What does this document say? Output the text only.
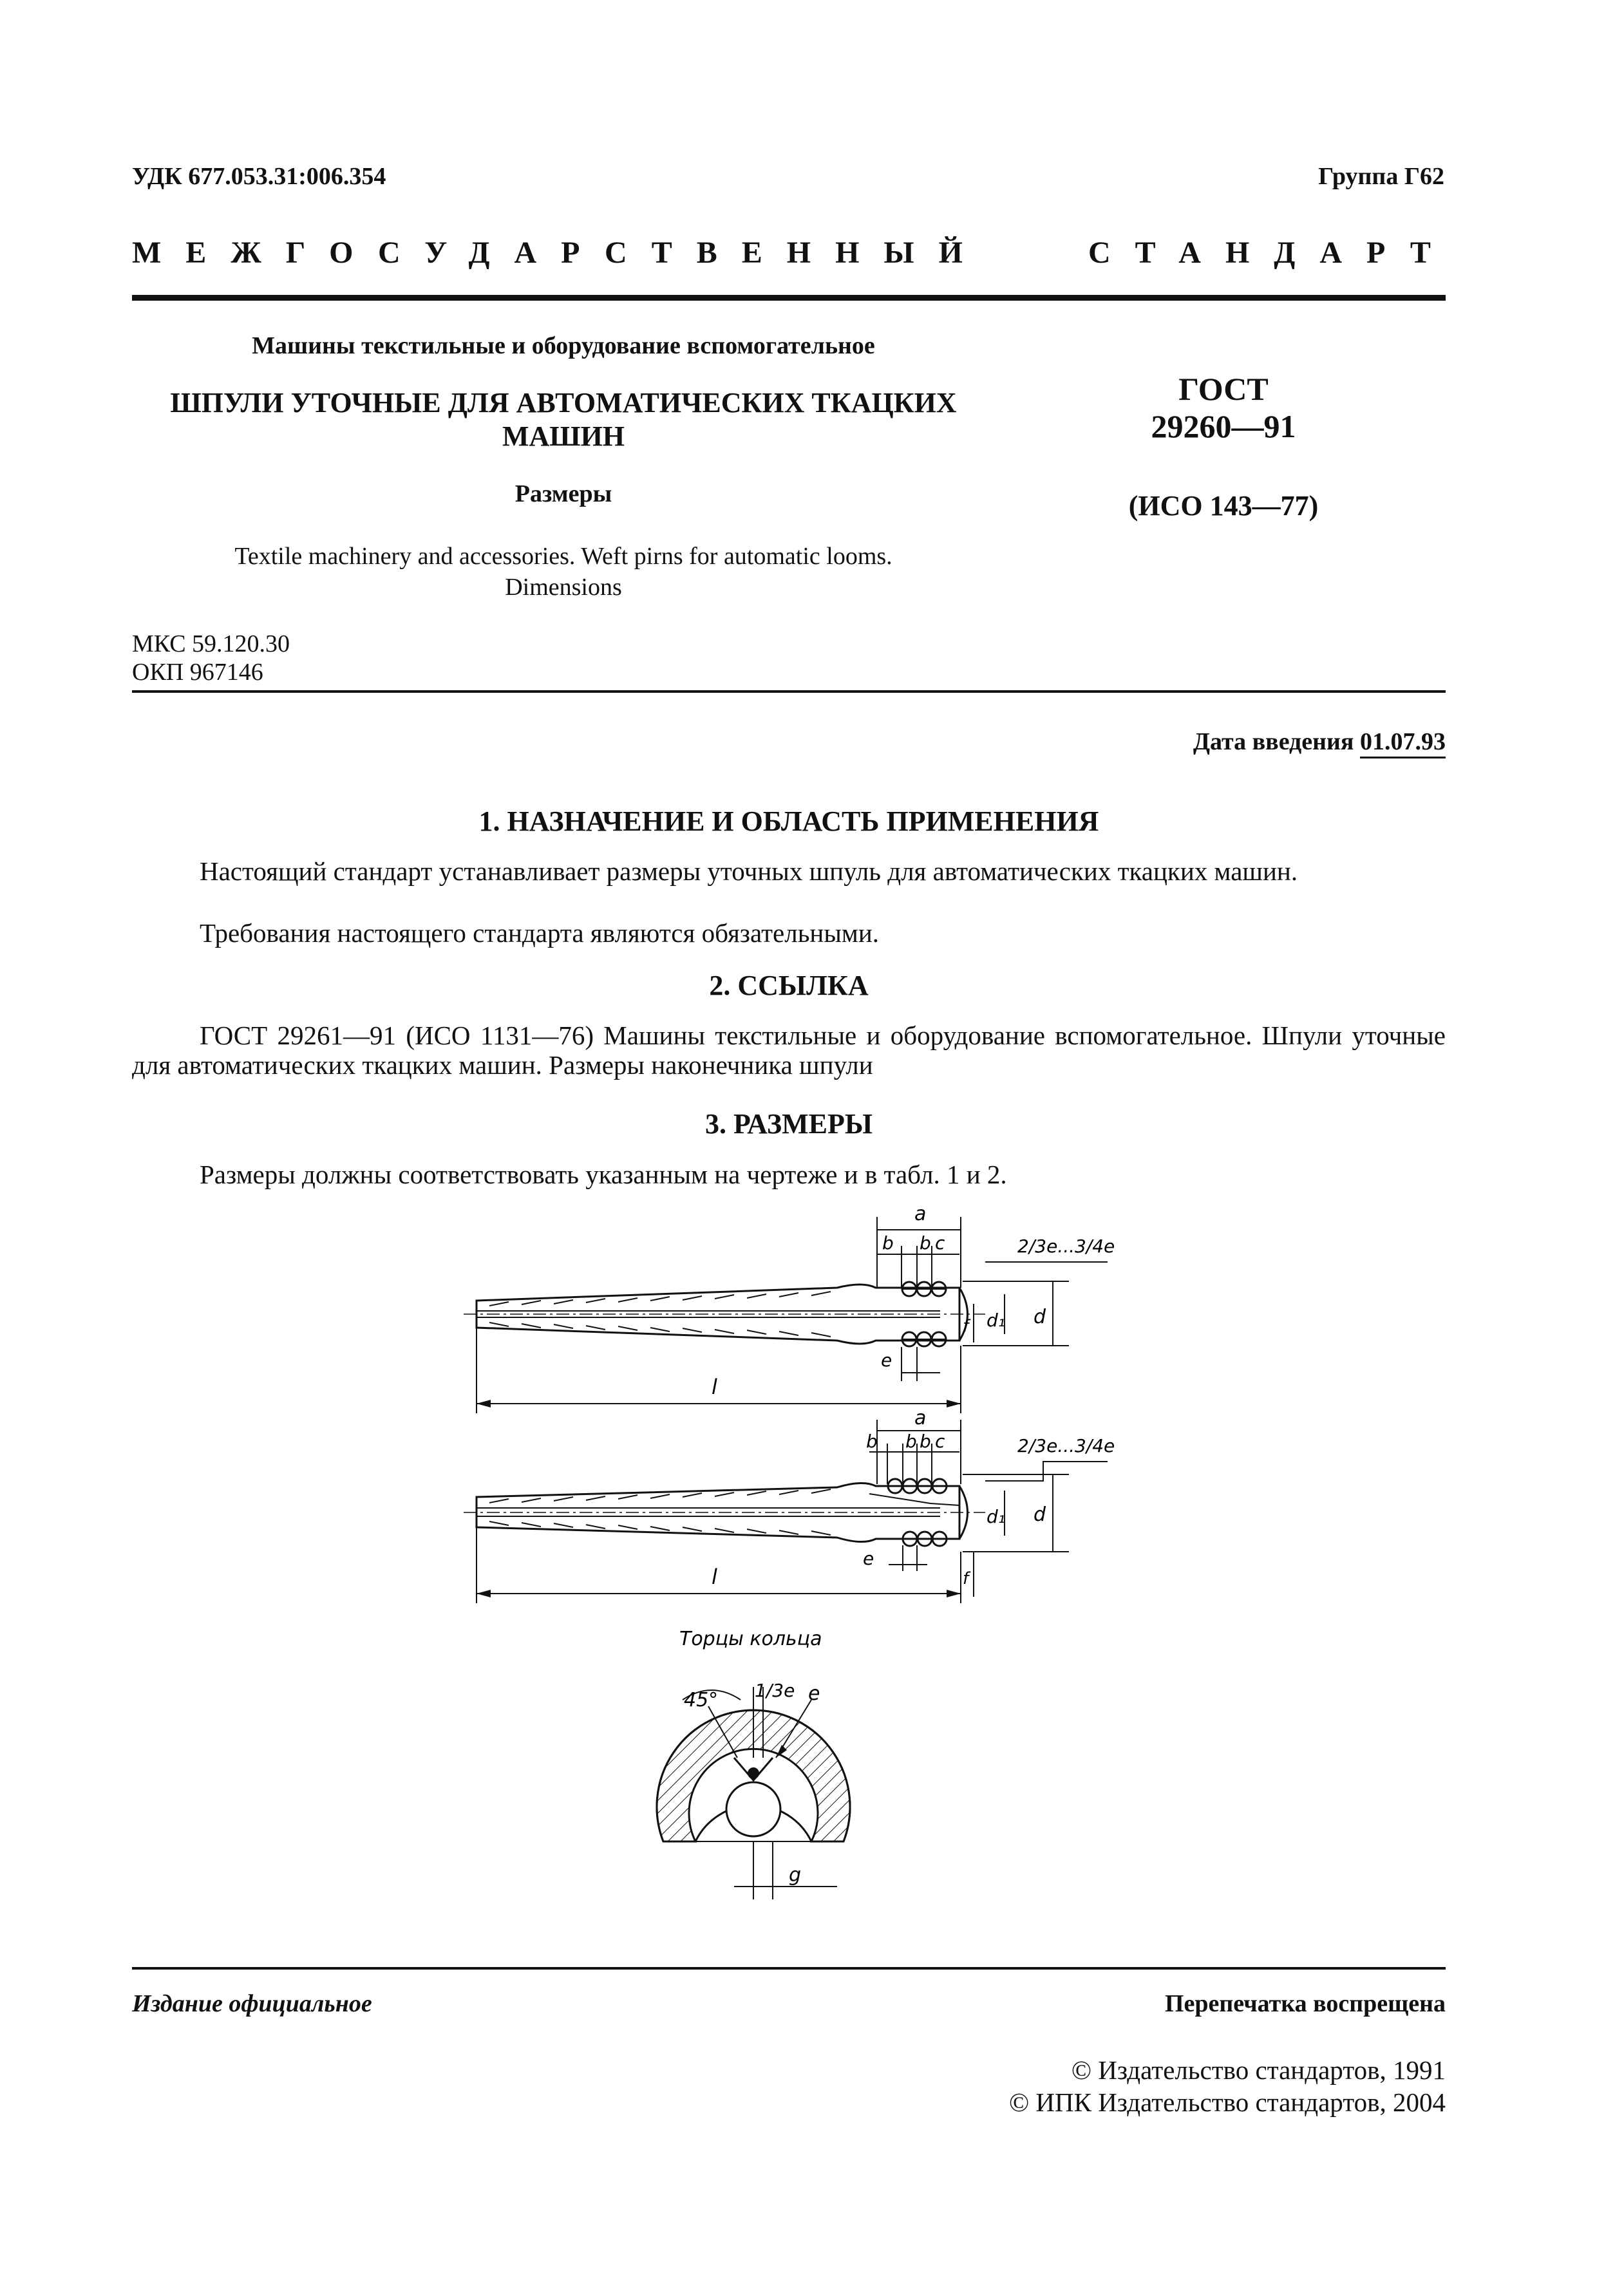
УДК 677.053.31:006.354	Группа Г62
МЕЖГОСУДАРСТВЕННЫЙ	СТАНДАРТ
Машины текстильные и оборудование вспомогательное
ШПУЛИ УТОЧНЫЕ ДЛЯ АВТОМАТИЧЕСКИХ ТКАЦКИХ
МАШИН
Размеры
Textile machinery and accessories. Weft pirns for automatic looms.
Dimensions
ГОСТ
29260—91
(ИСО 143—77)
МКС 59.120.30
ОКП 967146
Дата введения 01.07.93
1. НАЗНАЧЕНИЕ И ОБЛАСТЬ ПРИМЕНЕНИЯ
Настоящий стандарт устанавливает размеры уточных шпуль для автоматических ткацких машин.
Требования настоящего стандарта являются обязательными.
2. ССЫЛКА
ГОСТ 29261—91 (ИСО 1131—76) Машины текстильные и оборудование вспомогательное. Шпули уточные для автоматических ткацких машин. Размеры наконечника шпули
3. РАЗМЕРЫ
Размеры должны соответствовать указанным на чертеже и в табл. 1 и 2.
a
b b c	2/3e...3/4e
d
d₁
f
e
l
a
b b b c	2/3e...3/4e
d
d₁
f
e
l
Торцы кольца
45° 1/3e e
g
Издание официальное	Перепечатка воспрещена
© Издательство стандартов, 1991
© ИПК Издательство стандартов, 2004
